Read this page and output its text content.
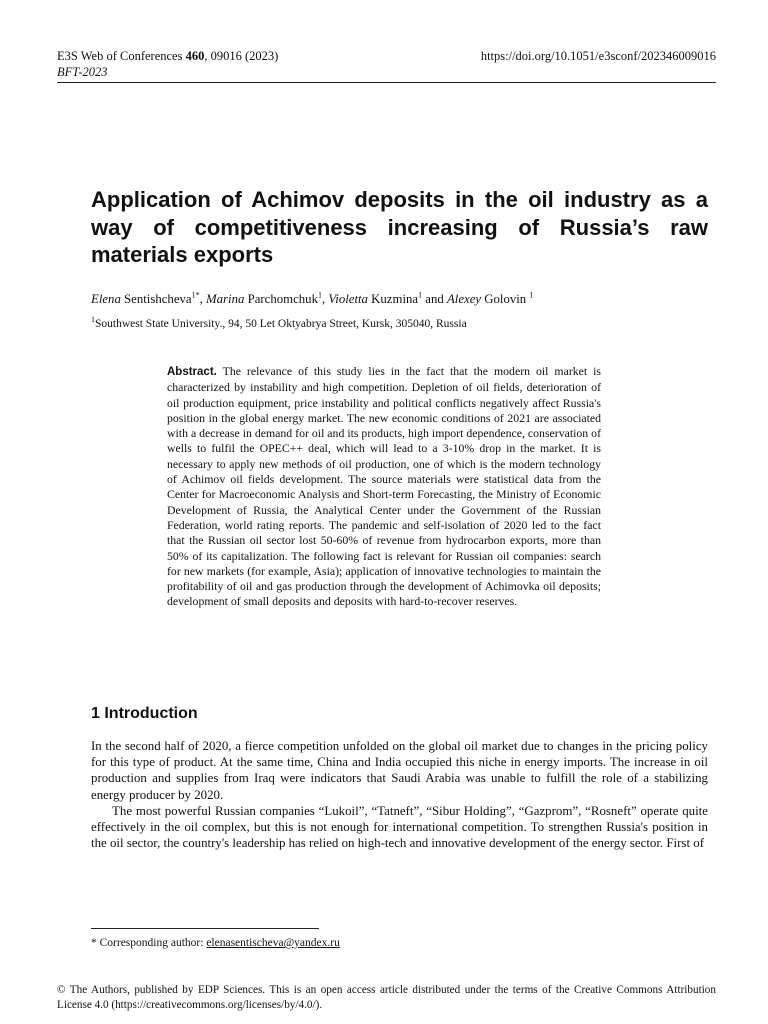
E3S Web of Conferences 460, 09016 (2023)	https://doi.org/10.1051/e3sconf/202346009016
BFT-2023
Application of Achimov deposits in the oil industry as a way of competitiveness increasing of Russia’s raw materials exports
Elena Sentishcheva$^{1*}$, Marina Parchomchuk$^1$, Violetta Kuzmina$^1$ and Alexey Golovin $^1$
$^1$Southwest State University., 94, 50 Let Oktyabrya Street, Kursk, 305040, Russia

Abstract. The relevance of this study lies in the fact that the modern oil market is characterized by instability and high competition. Depletion of oil fields, deterioration of oil production equipment, price instability and political conflicts negatively affect Russia's position in the global energy market. The new economic conditions of 2021 are associated with a decrease in demand for oil and its products, high import dependence, conservation of wells to fulfil the OPEC++ deal, which will lead to a 3-10% drop in the market. It is necessary to apply new methods of oil production, one of which is the modern technology of Achimov oil fields development. The source materials were statistical data from the Center for Macroeconomic Analysis and Short-term Forecasting, the Ministry of Economic Development of Russia, the Analytical Center under the Government of the Russian Federation, world rating reports. The pandemic and self-isolation of 2020 led to the fact that the Russian oil sector lost 50-60% of revenue from hydrocarbon exports, more than 50% of its capitalization. The following fact is relevant for Russian oil companies: search for new markets (for example, Asia); application of innovative technologies to maintain the profitability of oil and gas production through the development of Achimovka oil deposits; development of small deposits and deposits with hard-to-recover reserves.

1 Introduction

In the second half of 2020, a fierce competition unfolded on the global oil market due to changes in the pricing policy for this type of product. At the same time, China and India occupied this niche in energy imports. The increase in oil production and supplies from Iraq were indicators that Saudi Arabia was unable to fulfill the role of a stabilizing energy producer by 2020.

The most powerful Russian companies “Lukoil”, “Tatneft”, “Sibur Holding”, “Gazprom”, “Rosneft” operate quite effectively in the oil complex, but this is not enough for international competition. To strengthen Russia's position in the oil sector, the country's leadership has relied on high-tech and innovative development of the energy sector. First of

* Corresponding author: elenasentischeva@yandex.ru
© The Authors, published by EDP Sciences. This is an open access article distributed under the terms of the Creative Commons Attribution License 4.0 (https://creativecommons.org/licenses/by/4.0/).
